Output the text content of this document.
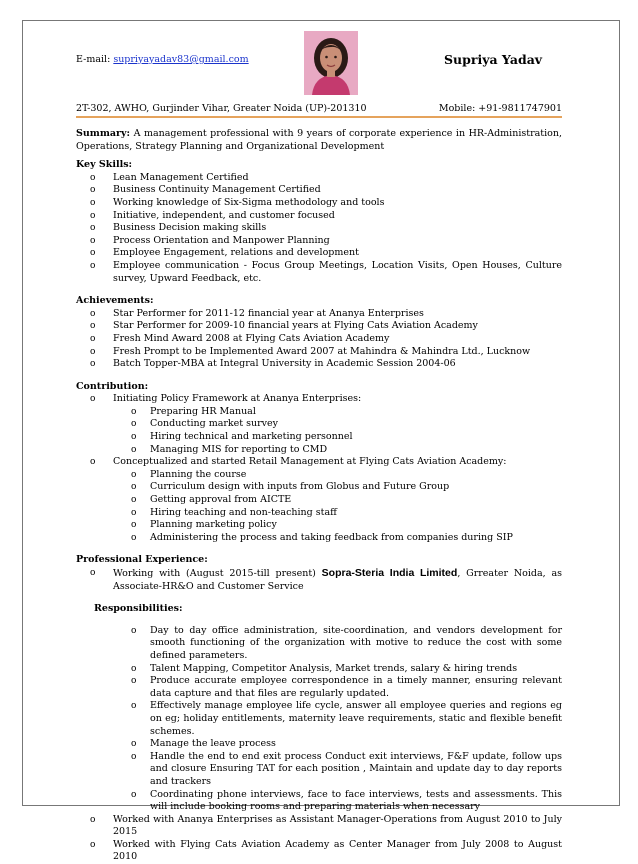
E-mail: supriyayadav83@gmail.com	Supriya Yadav
2T-302, AWHO, Gurjinder Vihar, Greater Noida (UP)-201310	Mobile: +91-9811747901

Summary: A management professional with 9 years of corporate experience in HR-Administration, Operations, Strategy Planning and Organizational Development

Key Skills:

o Lean Management Certified
o Business Continuity Management Certified
o Working knowledge of Six-Sigma methodology and tools
o Initiative, independent, and customer focused
o Business Decision making skills
o Process Orientation and Manpower Planning
o Employee Engagement, relations and development
o Employee communication - Focus Group Meetings, Location Visits, Open Houses, Culture survey, Upward Feedback, etc.

Achievements:

o Star Performer for 2011-12 financial year at Ananya Enterprises
o Star Performer for 2009-10 financial years at Flying Cats Aviation Academy
o Fresh Mind Award 2008 at Flying Cats Aviation Academy
o Fresh Prompt to be Implemented Award 2007 at Mahindra & Mahindra Ltd., Lucknow
o Batch Topper-MBA at Integral University in Academic Session 2004-06

Contribution:

o Initiating Policy Framework at Ananya Enterprises:
o Preparing HR Manual
o Conducting market survey
o Hiring technical and marketing personnel
o Managing MIS for reporting to CMD
o Conceptualized and started Retail Management at Flying Cats Aviation Academy:
o Planning the course
o Curriculum design with inputs from Globus and Future Group
o Getting approval from AICTE
o Hiring teaching and non-teaching staff
o Planning marketing policy
o Administering the process and taking feedback from companies during SIP

Professional Experience:

o Working with (August 2015-till present) Sopra-Steria India Limited, Grreater Noida, as Associate-HR&O and Customer Service

Responsibilities:

o Day to day office administration, site-coordination, and vendors development for smooth functioning of the organization with motive to reduce the cost with some defined parameters.
o Talent Mapping, Competitor Analysis, Market trends, salary & hiring trends
o Produce accurate employee correspondence in a timely manner, ensuring relevant data capture and that files are regularly updated.
o Effectively manage employee life cycle, answer all employee queries and regions eg on eg; holiday entitlements, maternity leave requirements, static and flexible benefit schemes.
o Manage the leave process
o Handle the end to end exit process Conduct exit interviews, F&F update, follow ups and closure Ensuring TAT for each position , Maintain and update day to day reports and trackers
o Coordinating phone interviews, face to face interviews, tests and assessments. This will include booking rooms and preparing materials when necessary
o Worked with Ananya Enterprises as Assistant Manager-Operations from August 2010 to July 2015
o Worked with Flying Cats Aviation Academy as Center Manager from July 2008 to August 2010
